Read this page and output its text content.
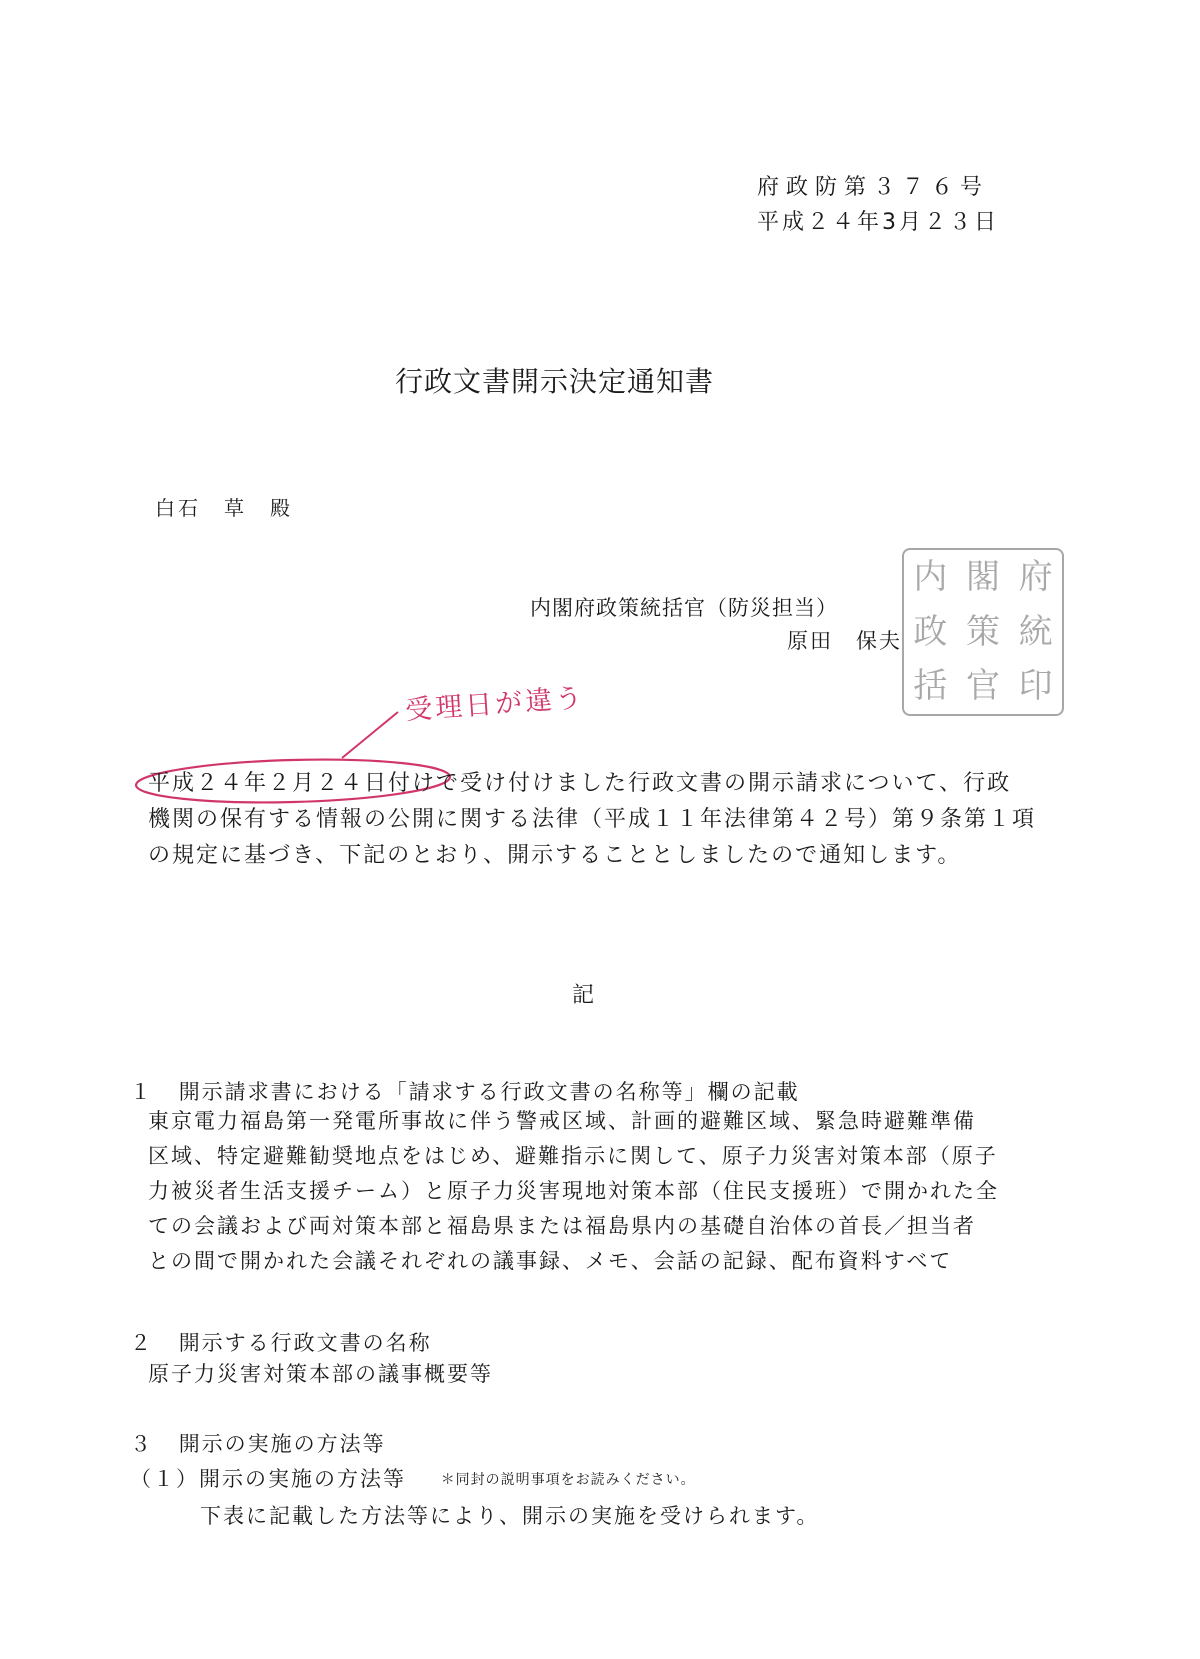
府政防第３７６号
平成２４年3月２３日
行政文書開示決定通知書
白石　草　殿
内閣府政策統括官（防災担当）
原田　保夫
内 閣 府
政 策 統
括 官 印
受理日が違う
平成２４年２月２４日付けで受け付けました行政文書の開示請求について、行政
機関の保有する情報の公開に関する法律（平成１１年法律第４２号）第９条第１項
の規定に基づき、下記のとおり、開示することとしましたので通知します。
記
１ 開示請求書における「請求する行政文書の名称等」欄の記載
東京電力福島第一発電所事故に伴う警戒区域、計画的避難区域、緊急時避難準備
区域、特定避難勧奨地点をはじめ、避難指示に関して、原子力災害対策本部（原子
力被災者生活支援チーム）と原子力災害現地対策本部（住民支援班）で開かれた全
ての会議および両対策本部と福島県または福島県内の基礎自治体の首長／担当者
との間で開かれた会議それぞれの議事録、メモ、会話の記録、配布資料すべて
２ 開示する行政文書の名称
原子力災害対策本部の議事概要等
３ 開示の実施の方法等
（１）開示の実施の方法等 ＊同封の説明事項をお読みください。
下表に記載した方法等により、開示の実施を受けられます。
